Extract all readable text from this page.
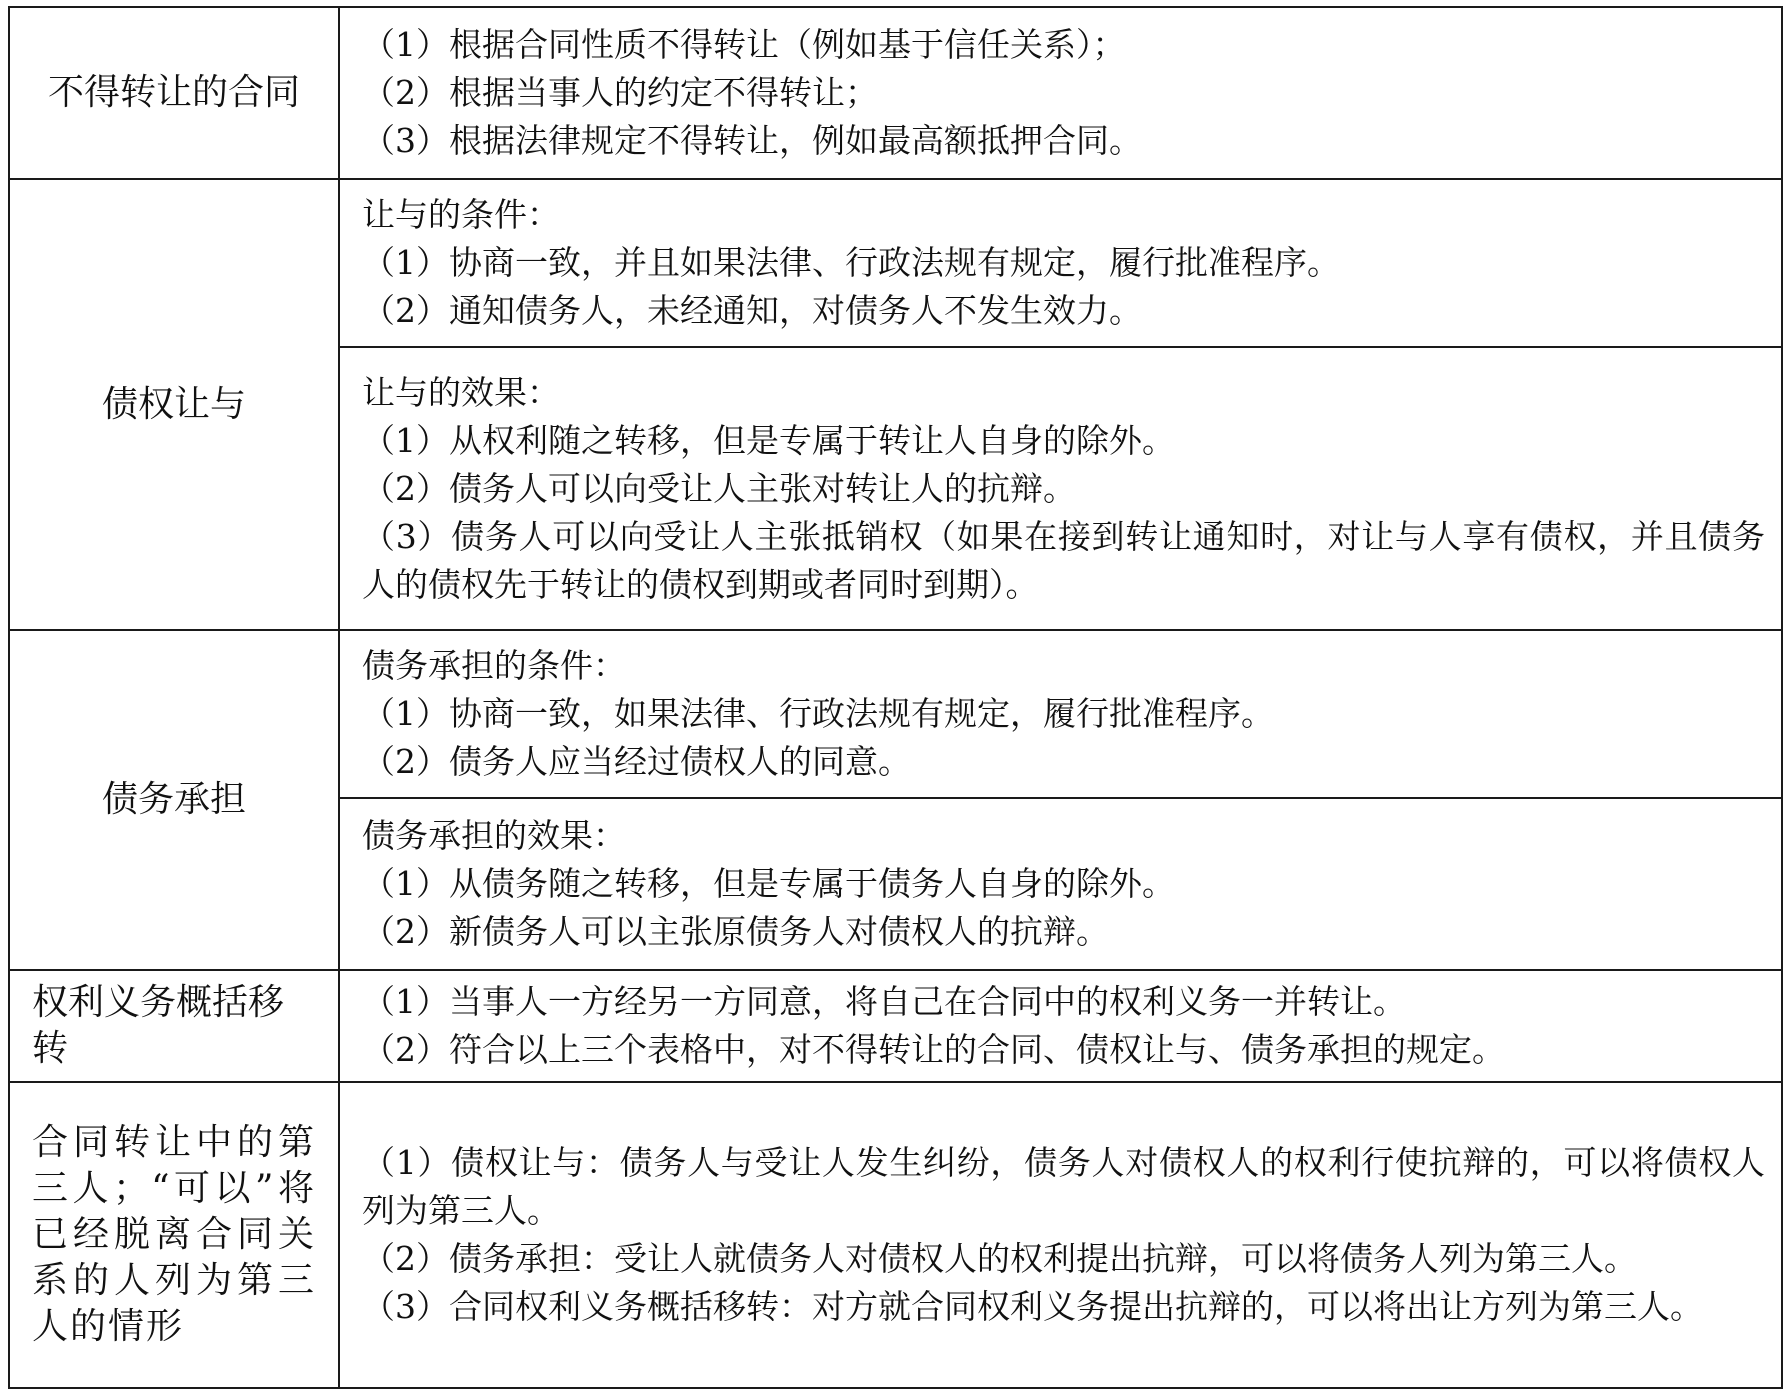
不得转让的合同	（1）根据合同性质不得转让（例如基于信任关系）；
（2）根据当事人的约定不得转让；
（3）根据法律规定不得转让，例如最高额抵押合同。

债权让与	让与的条件：
（1）协商一致，并且如果法律、行政法规有规定，履行批准程序。
（2）通知债务人，未经通知，对债务人不发生效力。

	让与的效果：
（1）从权利随之转移，但是专属于转让人自身的除外。
（2）债务人可以向受让人主张对转让人的抗辩。
（3）债务人可以向受让人主张抵销权（如果在接到转让通知时，对让与人享有债权，并且债务人的债权先于转让的债权到期或者同时到期）。

债务承担	债务承担的条件：
（1）协商一致，如果法律、行政法规有规定，履行批准程序。
（2）债务人应当经过债权人的同意。

	债务承担的效果：
（1）从债务随之转移，但是专属于债务人自身的除外。
（2）新债务人可以主张原债务人对债权人的抗辩。

权利义务概括移转	（1）当事人一方经另一方同意，将自己在合同中的权利义务一并转让。
（2）符合以上三个表格中，对不得转让的合同、债权让与、债务承担的规定。

合同转让中的第三人；“可以”将已经脱离合同关系的人列为第三人的情形	（1）债权让与：债务人与受让人发生纠纷，债务人对债权人的权利行使抗辩的，可以将债权人列为第三人。
（2）债务承担：受让人就债务人对债权人的权利提出抗辩，可以将债务人列为第三人。
（3）合同权利义务概括移转：对方就合同权利义务提出抗辩的，可以将出让方列为第三人。
